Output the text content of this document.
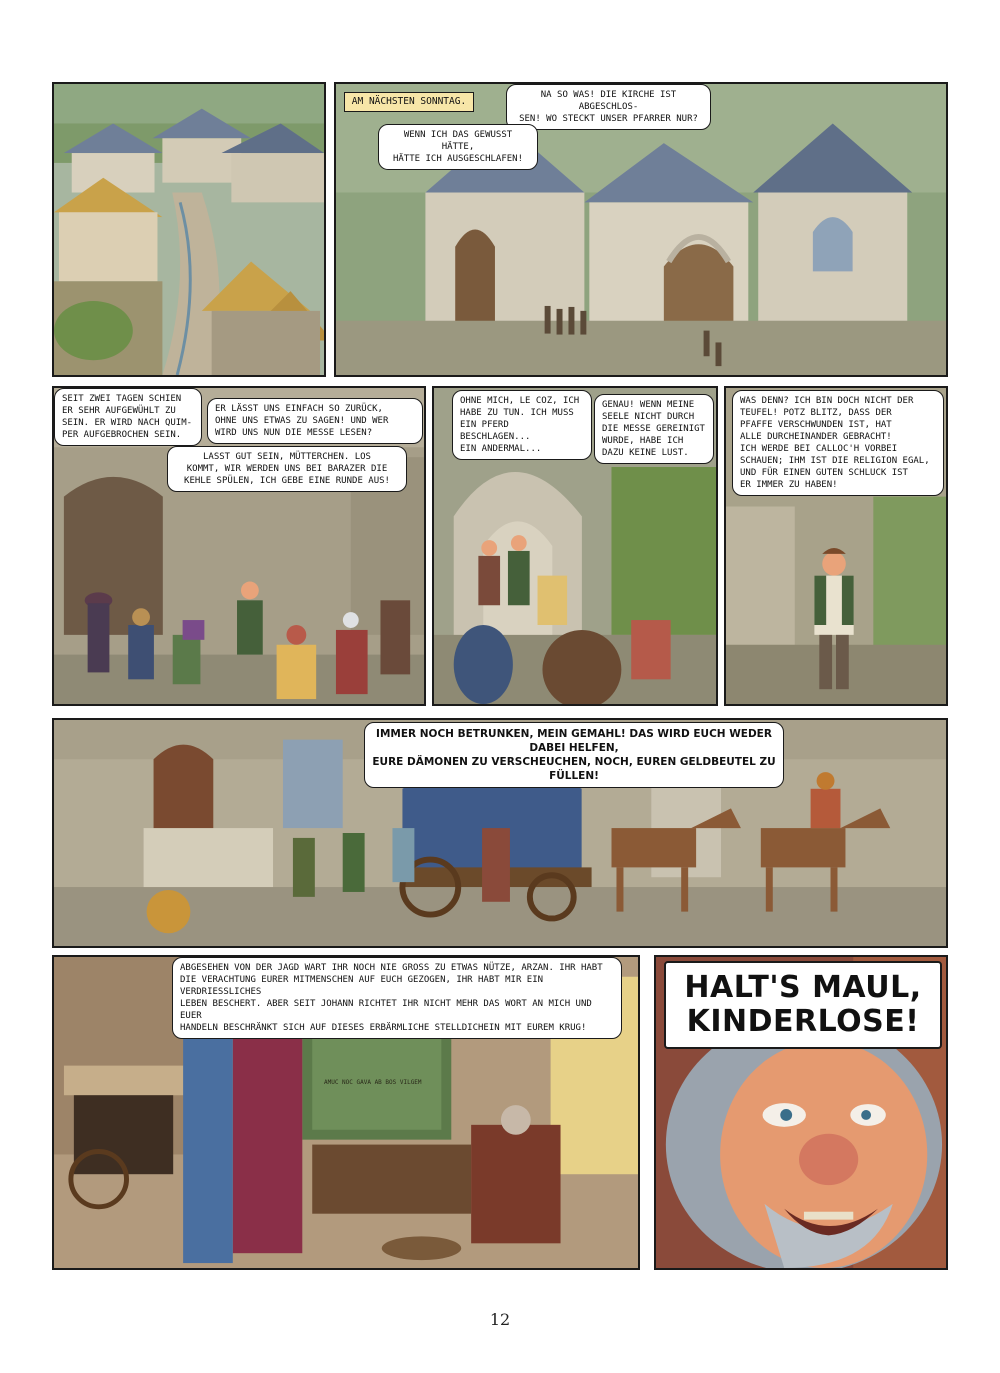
AM NÄCHSTEN SONNTAG.
NA SO WAS! DIE KIRCHE IST ABGESCHLOS-
SEN! WO STECKT UNSER PFARRER NUR?
WENN ICH DAS GEWUSST HÄTTE,
HÄTTE ICH AUSGESCHLAFEN!
SEIT ZWEI TAGEN SCHIEN
ER SEHR AUFGEWÜHLT ZU
SEIN. ER WIRD NACH QUIM-
PER AUFGEBROCHEN SEIN.
ER LÄSST UNS EINFACH SO ZURÜCK,
OHNE UNS ETWAS ZU SAGEN! UND WER
WIRD UNS NUN DIE MESSE LESEN?
LASST GUT SEIN, MÜTTERCHEN. LOS
KOMMT, WIR WERDEN UNS BEI BARAZER DIE
KEHLE SPÜLEN, ICH GEBE EINE RUNDE AUS!
OHNE MICH, LE COZ, ICH
HABE ZU TUN. ICH MUSS
EIN PFERD BESCHLAGEN...
EIN ANDERMAL...
GENAU! WENN MEINE
SEELE NICHT DURCH
DIE MESSE GEREINIGT
WURDE, HABE ICH
DAZU KEINE LUST.
WAS DENN? ICH BIN DOCH NICHT DER
TEUFEL! POTZ BLITZ, DASS DER
PFAFFE VERSCHWUNDEN IST, HAT
ALLE DURCHEINANDER GEBRACHT!
ICH WERDE BEI CALLOC'H VORBEI
SCHAUEN; IHM IST DIE RELIGION EGAL,
UND FÜR EINEN GUTEN SCHLUCK IST
ER IMMER ZU HABEN!
IMMER NOCH BETRUNKEN, MEIN GEMAHL! DAS WIRD EUCH WEDER DABEI HELFEN,
EURE DÄMONEN ZU VERSCHEUCHEN, NOCH, EUREN GELDBEUTEL ZU FÜLLEN!
ABGESEHEN VON DER JAGD WART IHR NOCH NIE GROSS ZU ETWAS NÜTZE, ARZAN. IHR HABT
DIE VERACHTUNG EURER MITMENSCHEN AUF EUCH GEZOGEN, IHR HABT MIR EIN VERDRIESSLICHES
LEBEN BESCHERT. ABER SEIT JOHANN RICHTET IHR NICHT MEHR DAS WORT AN MICH UND EUER
HANDELN BESCHRÄNKT SICH AUF DIESES ERBÄRMLICHE STELLDICHEIN MIT EUREM KRUG!
AMUC NOC GAVA AB BOS VILGEM
HALT'S MAUL,
KINDERLOSE!
12
